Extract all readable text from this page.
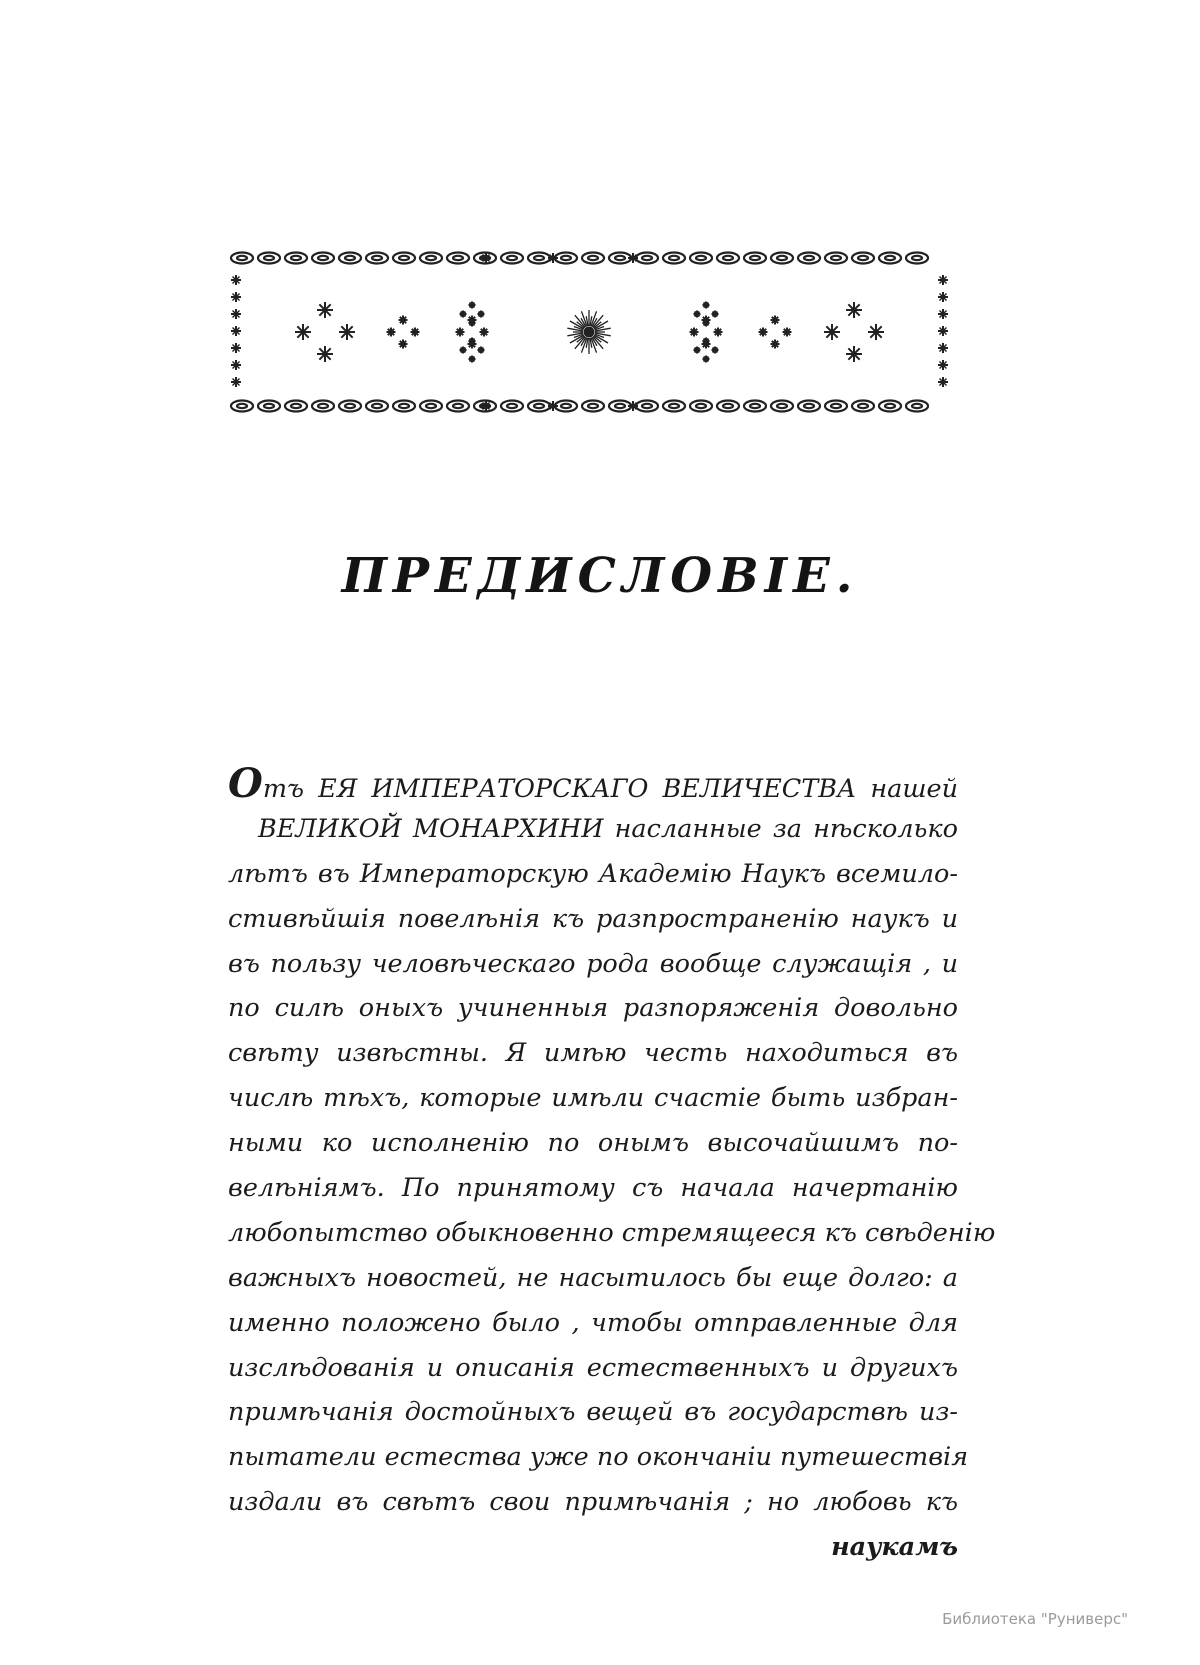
ПРЕДИСЛОВІЕ.
Отъ ЕЯ ИМПЕРАТОРСКАГО ВЕЛИЧЕСТВА нашей
ВЕЛИКОЙ МОНАРХИНИ насланные за нѣсколько
лѣтъ въ Императорскую Академію Наукъ всемило-
стивѣйшія повелѣнія къ разпространенію наукъ и
въ пользу человѣческаго рода вообще служащія , и
по силѣ оныхъ учиненныя разпоряженія довольно
свѣту извѣстны. Я имѣю честь находиться въ
числѣ тѣхъ, которые имѣли счастіе быть избран-
ными ко исполненію по онымъ высочайшимъ по-
велѣніямъ. По принятому съ начала начертанію
любопытство обыкновенно стремящееся къ свѣденію
важныхъ новостей, не насытилось бы еще долго: а
именно положено было , чтобы отправленные для
изслѣдованія и описанія естественныхъ и другихъ
примѣчанія достойныхъ вещей въ государствѣ из-
пытатели естества уже по окончаніи путешествія
издали въ свѣтъ свои примѣчанія ; но любовь къ
наукамъ
Библиотека "Руниверс"
